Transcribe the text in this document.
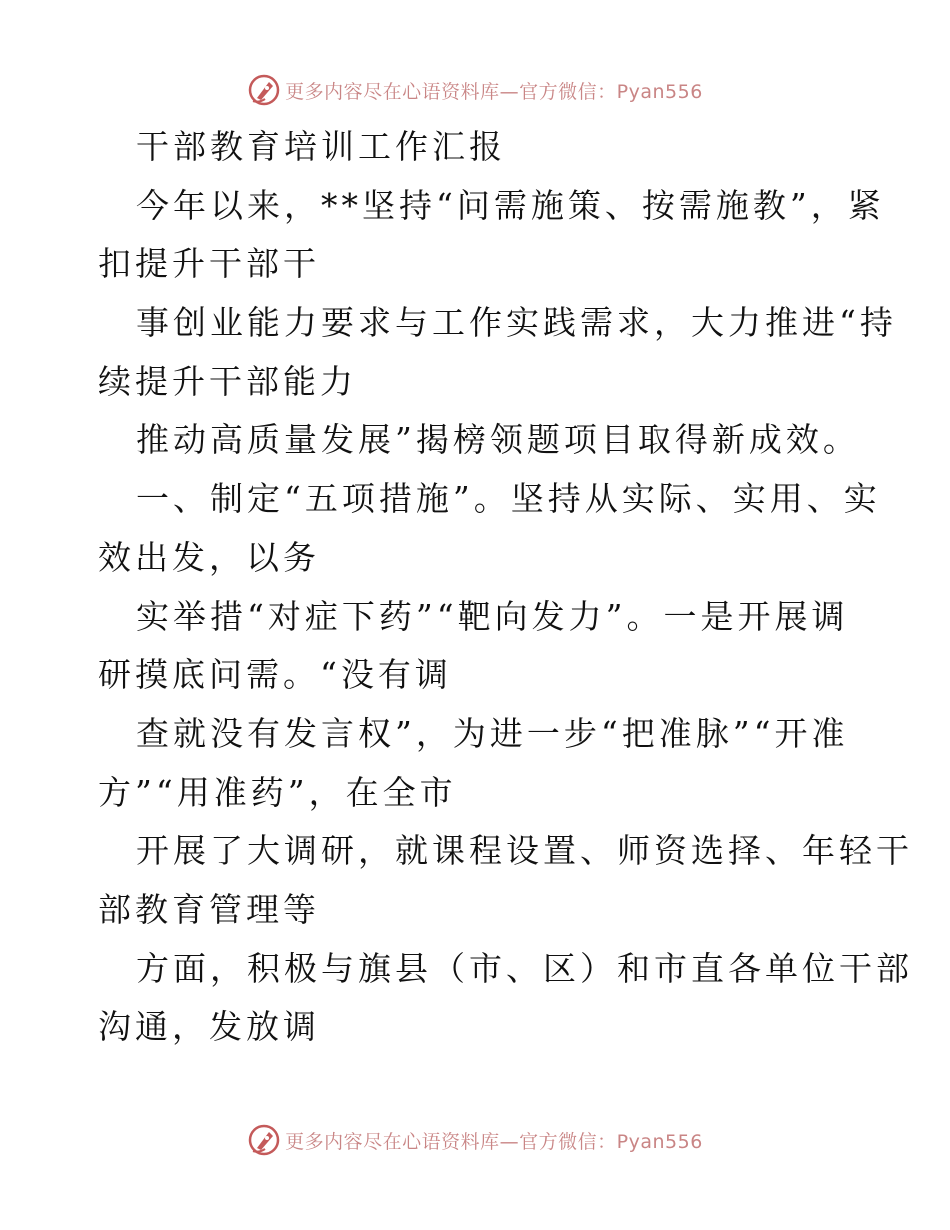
更多内容尽在心语资料库—官方微信：Pyan556
干部教育培训工作汇报
今年以来，**坚持“问需施策、按需施教”，紧
扣提升干部干
事创业能力要求与工作实践需求，大力推进“持
续提升干部能力
推动高质量发展”揭榜领题项目取得新成效。
一、制定“五项措施”。坚持从实际、实用、实
效出发，以务
实举措“对症下药”“靶向发力”。一是开展调
研摸底问需。“没有调
查就没有发言权”，为进一步“把准脉”“开准
方”“用准药”，在全市
开展了大调研，就课程设置、师资选择、年轻干
部教育管理等
方面，积极与旗县（市、区）和市直各单位干部
沟通，发放调
更多内容尽在心语资料库—官方微信：Pyan556
